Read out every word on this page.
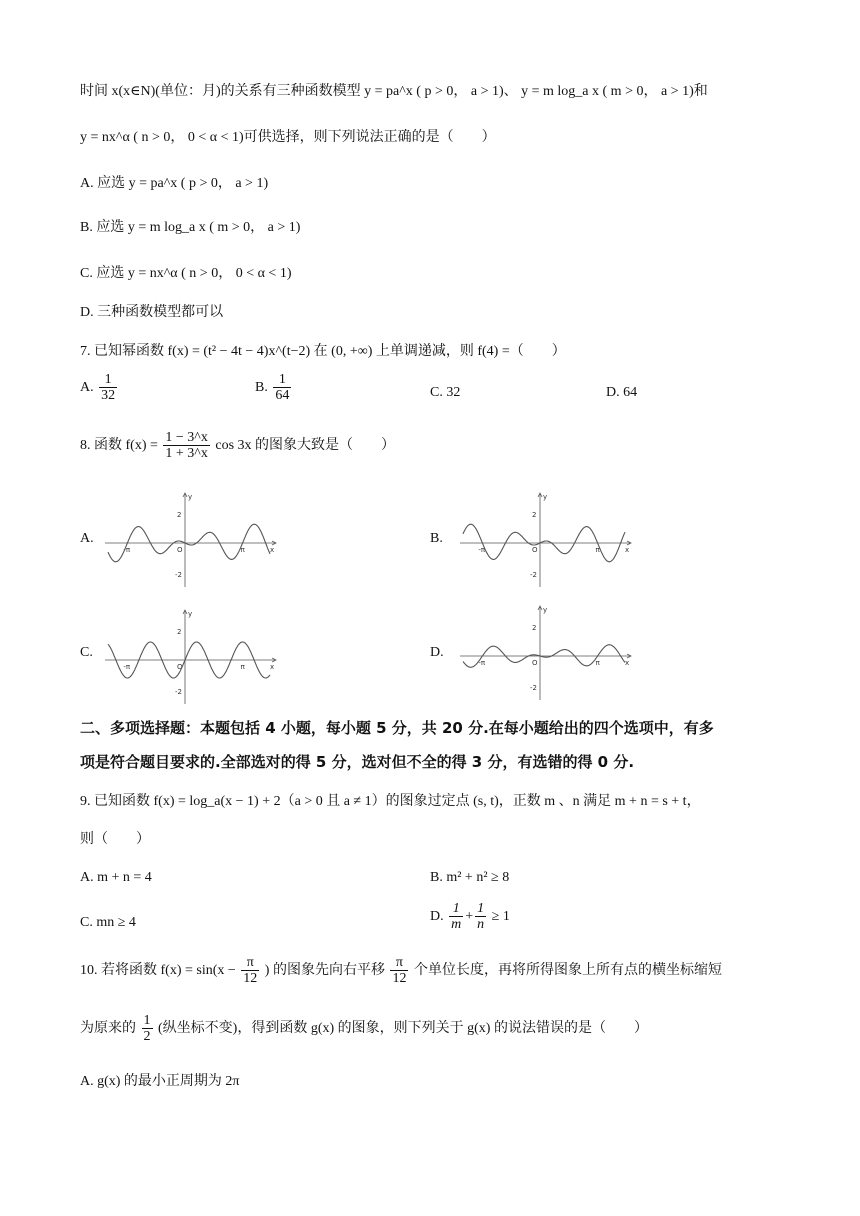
时间 x(x∈N)(单位：月)的关系有三种函数模型 y = pa^x ( p > 0， a > 1)、 y = m log_a x ( m > 0， a > 1)和
y = nx^α ( n > 0， 0 < α < 1)可供选择，则下列说法正确的是（　　）
A. 应选 y = pa^x ( p > 0， a > 1)
B. 应选 y = m log_a x ( m > 0， a > 1)
C. 应选 y = nx^α ( n > 0， 0 < α < 1)
D. 三种函数模型都可以
7. 已知幂函数 f(x) = (t² − 4t − 4)x^(t−2) 在 (0, +∞) 上单调递减，则 f(4) =（　　）
A. $\frac{1}{32}$	B. $\frac{1}{64}$	C. 32	D. 64
8. 函数 $f(x) = \frac{1 - 3\^{}x}{1 + 3\^{}x}$ cos 3x 的图象大致是（　　）
A.	B.
C.	D.
2
-2
O	π
-π	x
y
2
-2
O	π
-π	x
y
2
-2
O	π
-π	x
y
2
-2
O	π
-π	x
y
二、多项选择题：本题包括 4 小题，每小题 5 分，共 20 分.在每小题给出的四个选项中，有多
项是符合题目要求的.全部选对的得 5 分，选对但不全的得 3 分，有选错的得 0 分.
9. 已知函数 f(x) = log_a(x − 1) + 2（a > 0 且 a ≠ 1）的图象过定点 (s, t)，正数 m 、n 满足 m + n = s + t，
则（　　）
A. m + n = 4	B. m² + n² ≥ 8
C. mn ≥ 4	D. $\frac{1}{m} + \frac{1}{n} \ge 1$
10. 若将函数 $f(x) = \sin(x - \frac{\pi}{12}$ ) 的图象先向右平移 $\frac{\pi}{12}$ 个单位长度，再将所得图象上所有点的横坐标缩短
为原来的 $\frac{1}{2}$ (纵坐标不变)，得到函数 g(x) 的图象，则下列关于 g(x) 的说法错误的是（　　）
A. g(x) 的最小正周期为 2π
